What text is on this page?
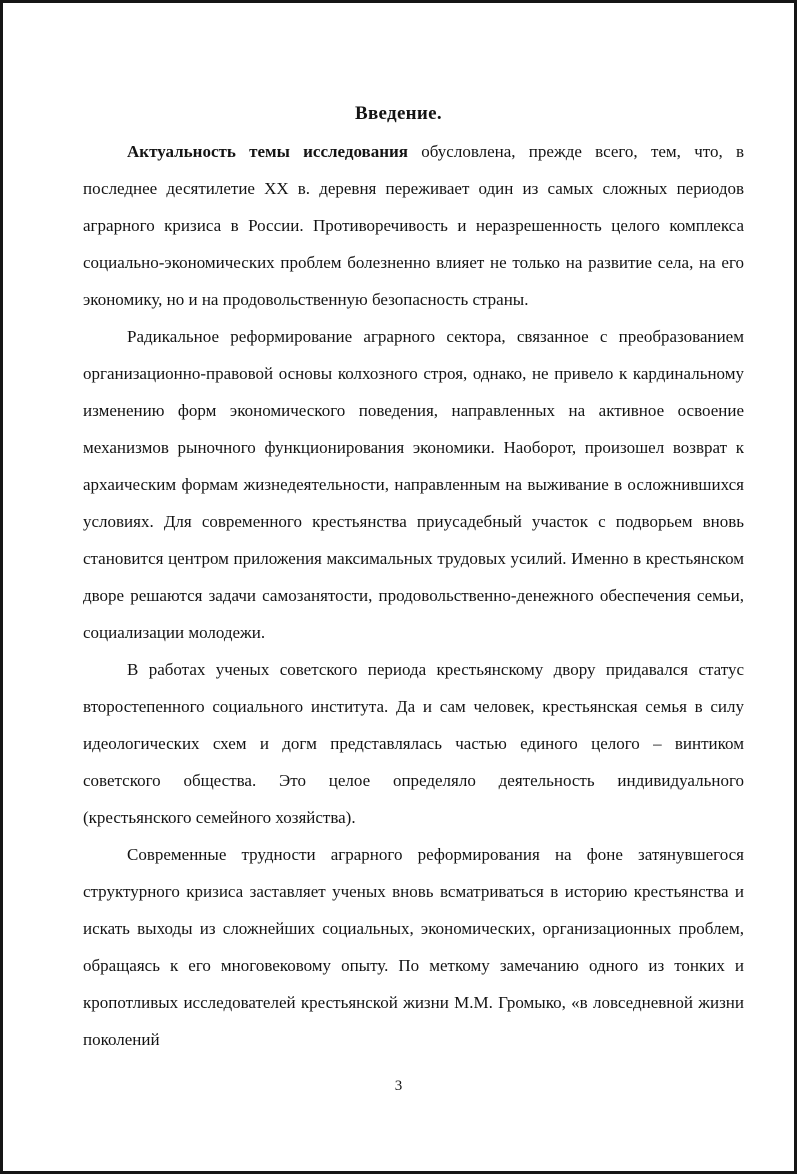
Введение.

Актуальность темы исследования обусловлена, прежде всего, тем, что, в последнее десятилетие XX в. деревня переживает один из самых сложных периодов аграрного кризиса в России. Противоречивость и неразрешенность целого комплекса социально-экономических проблем болезненно влияет не только на развитие села, на его экономику, но и на продовольственную безопасность страны.

Радикальное реформирование аграрного сектора, связанное с преобразованием организационно-правовой основы колхозного строя, однако, не привело к кардинальному изменению форм экономического поведения, направленных на активное освоение механизмов рыночного функционирования экономики. Наоборот, произошел возврат к архаическим формам жизнедеятельности, направленным на выживание в осложнившихся условиях. Для современного крестьянства приусадебный участок с подворьем вновь становится центром приложения максимальных трудовых усилий. Именно в крестьянском дворе решаются задачи самозанятости, продовольственно-денежного обеспечения семьи, социализации молодежи.

В работах ученых советского периода крестьянскому двору придавался статус второстепенного социального института. Да и сам человек, крестьянская семья в силу идеологических схем и догм представлялась частью единого целого – винтиком советского общества. Это целое определяло деятельность индивидуального (крестьянского семейного хозяйства).

Современные трудности аграрного реформирования на фоне затянувшегося структурного кризиса заставляет ученых вновь всматриваться в историю крестьянства и искать выходы из сложнейших социальных, экономических, организационных проблем, обращаясь к его многовековому опыту. По меткому замечанию одного из тонких и кропотливых исследователей крестьянской жизни М.М. Громыко, «в ловседневной жизни поколений

3
